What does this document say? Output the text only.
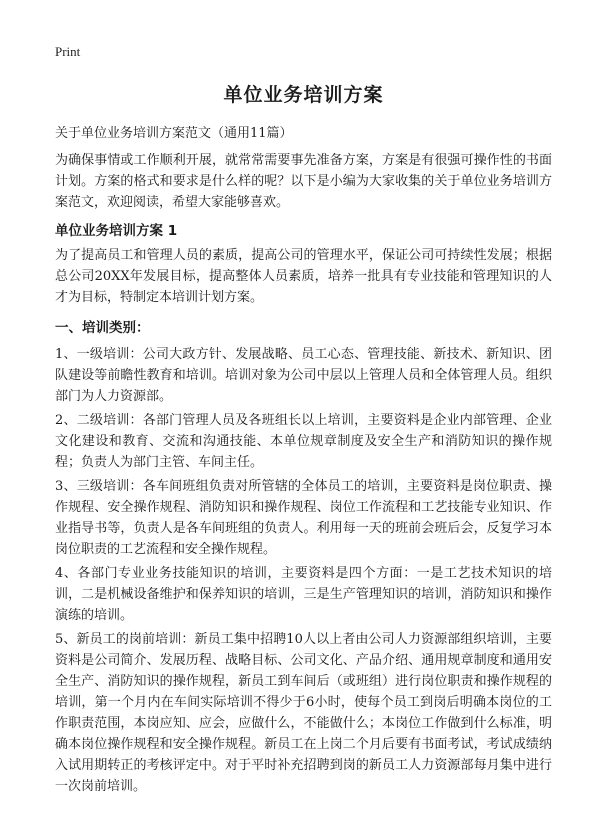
Print
单位业务培训方案
关于单位业务培训方案范文（通用11篇）
为确保事情或工作顺利开展，就常常需要事先准备方案，方案是有很强可操作性的书面计划。方案的格式和要求是什么样的呢？以下是小编为大家收集的关于单位业务培训方案范文，欢迎阅读，希望大家能够喜欢。
单位业务培训方案 1
为了提高员工和管理人员的素质，提高公司的管理水平，保证公司可持续性发展；根据总公司20XX年发展目标，提高整体人员素质，培养一批具有专业技能和管理知识的人才为目标，特制定本培训计划方案。
一、培训类别：
1、一级培训：公司大政方针、发展战略、员工心态、管理技能、新技术、新知识、团队建设等前瞻性教育和培训。培训对象为公司中层以上管理人员和全体管理人员。组织部门为人力资源部。
2、二级培训：各部门管理人员及各班组长以上培训，主要资料是企业内部管理、企业文化建设和教育、交流和沟通技能、本单位规章制度及安全生产和消防知识的操作规程；负责人为部门主管、车间主任。
3、三级培训：各车间班组负责对所管辖的全体员工的培训，主要资料是岗位职责、操作规程、安全操作规程、消防知识和操作规程、岗位工作流程和工艺技能专业知识、作业指导书等，负责人是各车间班组的负责人。利用每一天的班前会班后会，反复学习本岗位职责的工艺流程和安全操作规程。
4、各部门专业业务技能知识的培训，主要资料是四个方面：一是工艺技术知识的培训，二是机械设备维护和保养知识的培训，三是生产管理知识的培训，消防知识和操作演练的培训。
5、新员工的岗前培训：新员工集中招聘10人以上者由公司人力资源部组织培训，主要资料是公司简介、发展历程、战略目标、公司文化、产品介绍、通用规章制度和通用安全生产、消防知识的操作规程，新员工到车间后（或班组）进行岗位职责和操作规程的培训，第一个月内在车间实际培训不得少于6小时，使每个员工到岗后明确本岗位的工作职责范围，本岗应知、应会，应做什么，不能做什么；本岗位工作做到什么标准，明确本岗位操作规程和安全操作规程。新员工在上岗二个月后要有书面考试，考试成绩纳入试用期转正的考核评定中。对于平时补充招聘到岗的新员工人力资源部每月集中进行一次岗前培训。
